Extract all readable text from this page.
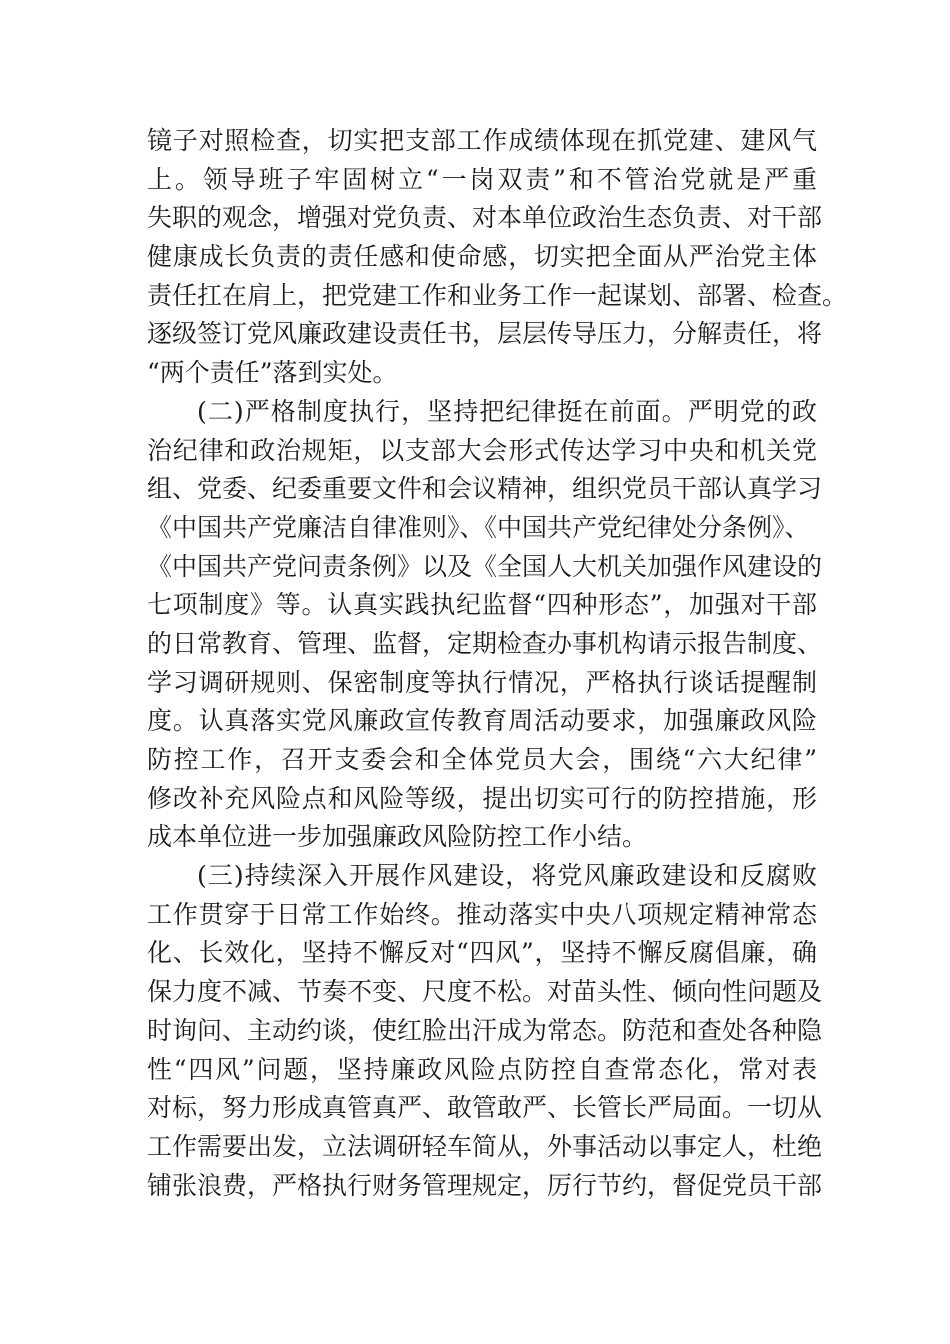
镜子对照检查，切实把支部工作成绩体现在抓党建、建风气
上。领导班子牢固树立“一岗双责”和不管治党就是严重
失职的观念，增强对党负责、对本单位政治生态负责、对干部
健康成长负责的责任感和使命感，切实把全面从严治党主体
责任扛在肩上，把党建工作和业务工作一起谋划、部署、检查。
逐级签订党风廉政建设责任书，层层传导压力，分解责任，将
“两个责任”落到实处。
(二)严格制度执行，坚持把纪律挺在前面。严明党的政
治纪律和政治规矩，以支部大会形式传达学习中央和机关党
组、党委、纪委重要文件和会议精神，组织党员干部认真学习
《中国共产党廉洁自律准则》、《中国共产党纪律处分条例》、
《中国共产党问责条例》以及《全国人大机关加强作风建设的
七项制度》等。认真实践执纪监督“四种形态”，加强对干部
的日常教育、管理、监督，定期检查办事机构请示报告制度、
学习调研规则、保密制度等执行情况，严格执行谈话提醒制
度。认真落实党风廉政宣传教育周活动要求，加强廉政风险
防控工作，召开支委会和全体党员大会，围绕“六大纪律”
修改补充风险点和风险等级，提出切实可行的防控措施，形
成本单位进一步加强廉政风险防控工作小结。
(三)持续深入开展作风建设，将党风廉政建设和反腐败
工作贯穿于日常工作始终。推动落实中央八项规定精神常态
化、长效化，坚持不懈反对“四风”，坚持不懈反腐倡廉，确
保力度不减、节奏不变、尺度不松。对苗头性、倾向性问题及
时询问、主动约谈，使红脸出汗成为常态。防范和查处各种隐
性“四风”问题，坚持廉政风险点防控自查常态化，常对表
对标，努力形成真管真严、敢管敢严、长管长严局面。一切从
工作需要出发，立法调研轻车简从，外事活动以事定人，杜绝
铺张浪费，严格执行财务管理规定，厉行节约，督促党员干部
